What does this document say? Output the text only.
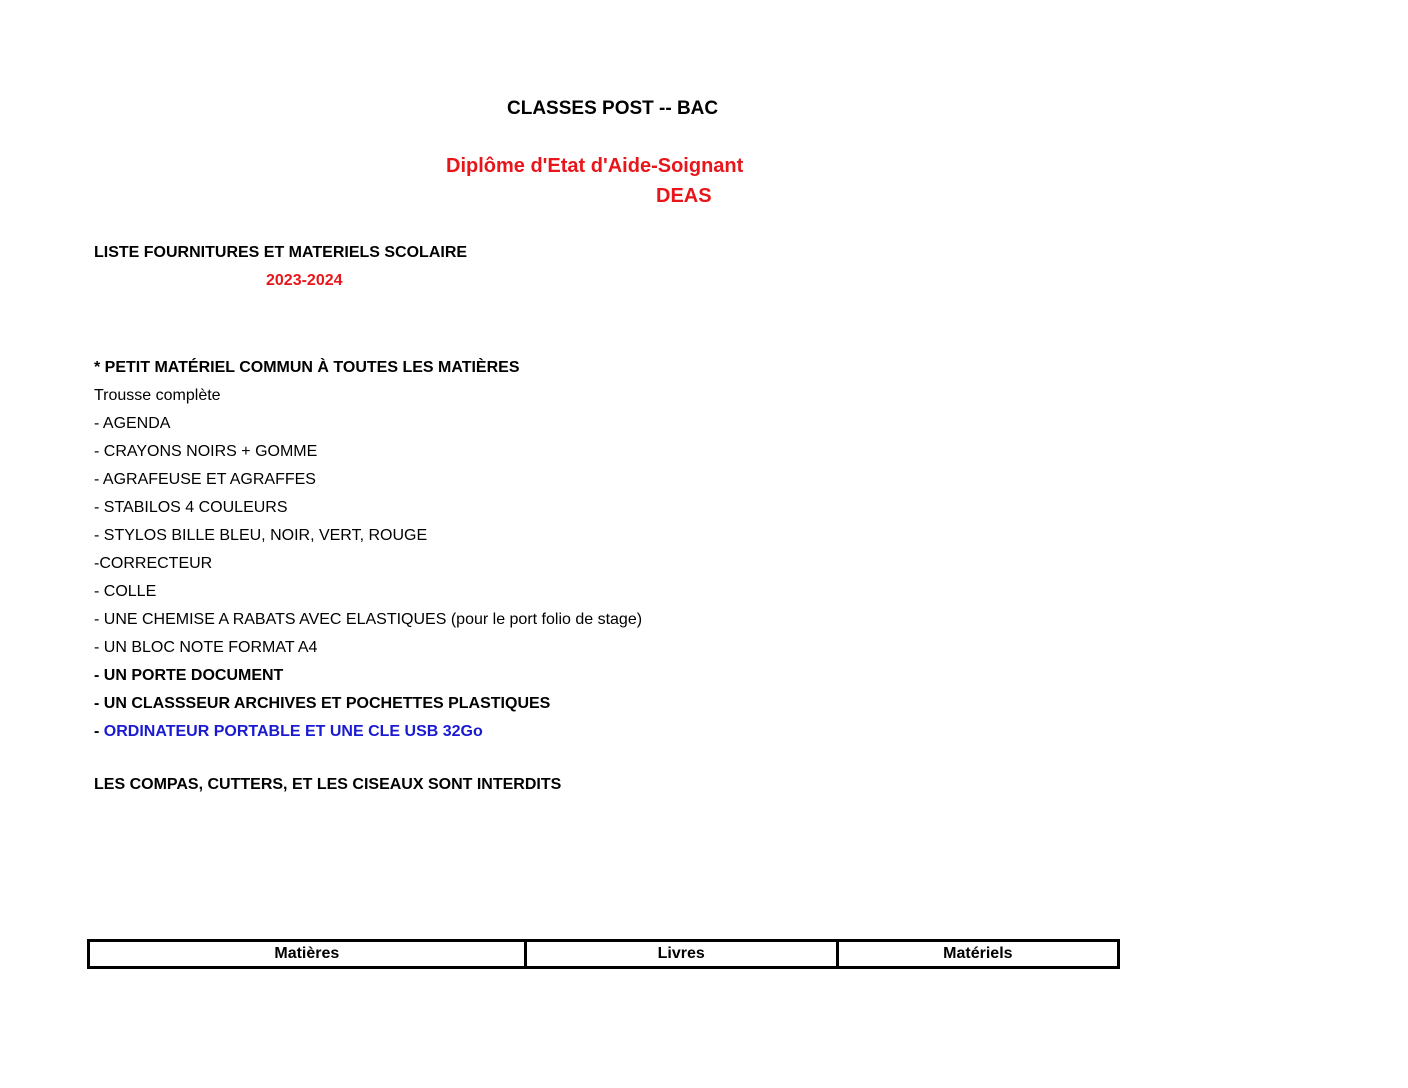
CLASSES POST -- BAC
Diplôme d'Etat d'Aide-Soignant
DEAS
LISTE FOURNITURES ET MATERIELS SCOLAIRE
2023-2024
* PETIT MATÉRIEL COMMUN À TOUTES LES MATIÈRES
Trousse complète
- AGENDA
- CRAYONS NOIRS + GOMME
- AGRAFEUSE ET AGRAFFES
- STABILOS 4 COULEURS
- STYLOS BILLE BLEU, NOIR, VERT, ROUGE
-CORRECTEUR
- COLLE
- UNE CHEMISE A RABATS AVEC ELASTIQUES (pour le port folio de stage)
- UN BLOC NOTE FORMAT A4
- UN PORTE DOCUMENT
- UN CLASSSEUR ARCHIVES ET POCHETTES PLASTIQUES
- ORDINATEUR PORTABLE ET UNE CLE USB 32Go
LES COMPAS, CUTTERS, ET LES CISEAUX SONT INTERDITS
Matières	Livres	Matériels
